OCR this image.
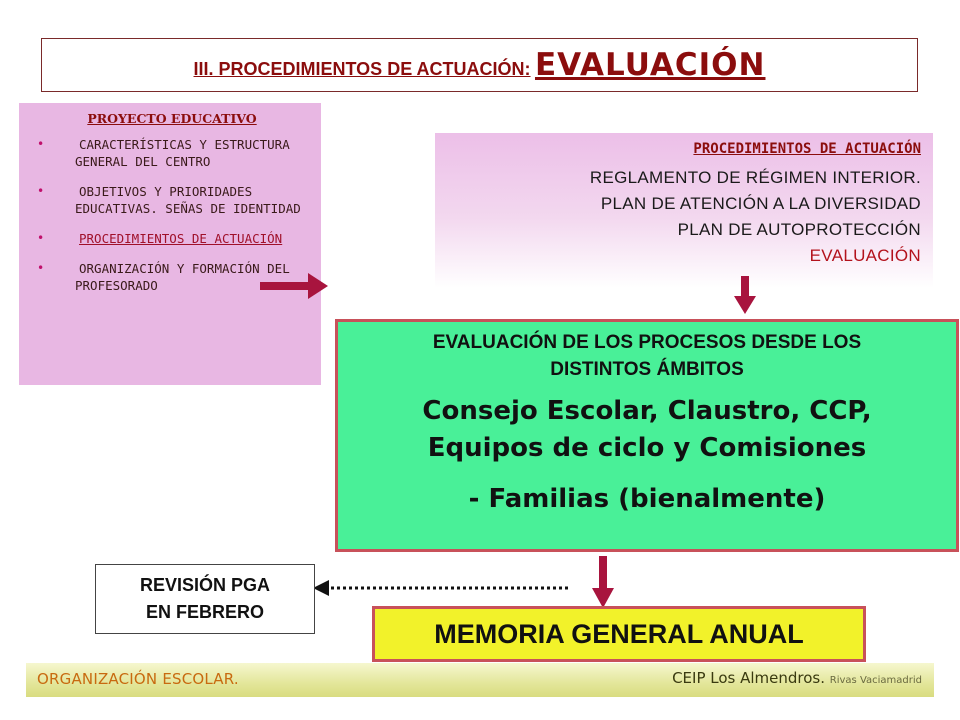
III. PROCEDIMIENTOS DE ACTUACIÓN: EVALUACIÓN
PROYECTO EDUCATIVO
•	CARACTERÍSTICAS Y ESTRUCTURA GENERAL DEL CENTRO
•	OBJETIVOS Y PRIORIDADES EDUCATIVAS. SEÑAS DE IDENTIDAD
•	PROCEDIMIENTOS DE ACTUACIÓN
•	ORGANIZACIÓN Y FORMACIÓN DEL PROFESORADO
PROCEDIMIENTOS DE ACTUACIÓN
REGLAMENTO DE RÉGIMEN INTERIOR.
PLAN DE ATENCIÓN A LA DIVERSIDAD
PLAN DE AUTOPROTECCIÓN
EVALUACIÓN
EVALUACIÓN DE LOS PROCESOS DESDE LOS
DISTINTOS ÁMBITOS
Consejo Escolar, Claustro, CCP,
Equipos de ciclo y Comisiones
- Familias (bienalmente)
REVISIÓN PGA
EN FEBRERO
MEMORIA GENERAL ANUAL
ORGANIZACIÓN ESCOLAR.	CEIP Los Almendros. Rivas Vaciamadrid
